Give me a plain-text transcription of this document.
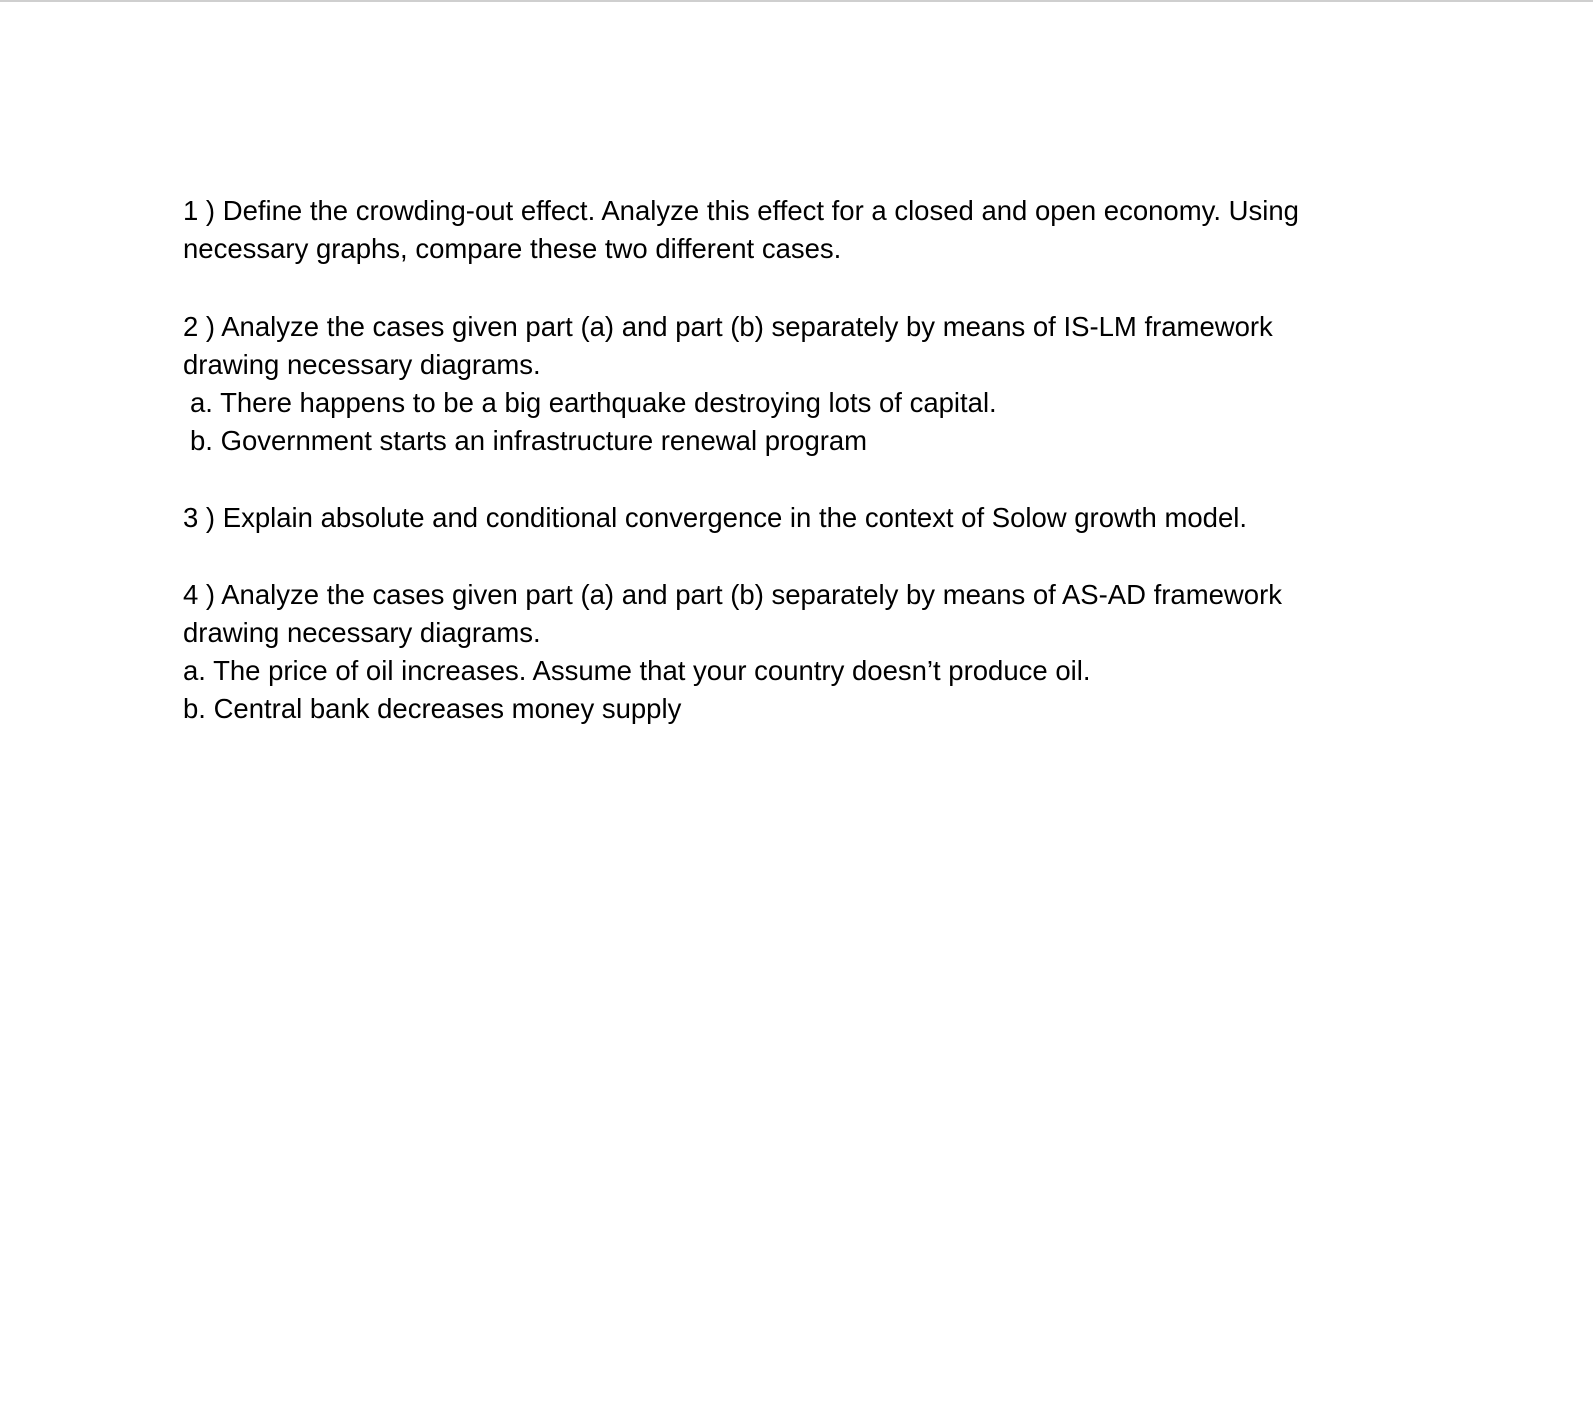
1 ) Define the crowding-out effect. Analyze this effect for a closed and open economy. Using
necessary graphs, compare these two different cases.
2 ) Analyze the cases given part (a) and part (b) separately by means of IS-LM framework
drawing necessary diagrams.
a. There happens to be a big earthquake destroying lots of capital.
b. Government starts an infrastructure renewal program
3 ) Explain absolute and conditional convergence in the context of Solow growth model.
4 ) Analyze the cases given part (a) and part (b) separately by means of AS-AD framework
drawing necessary diagrams.
a. The price of oil increases. Assume that your country doesn’t produce oil.
b. Central bank decreases money supply
